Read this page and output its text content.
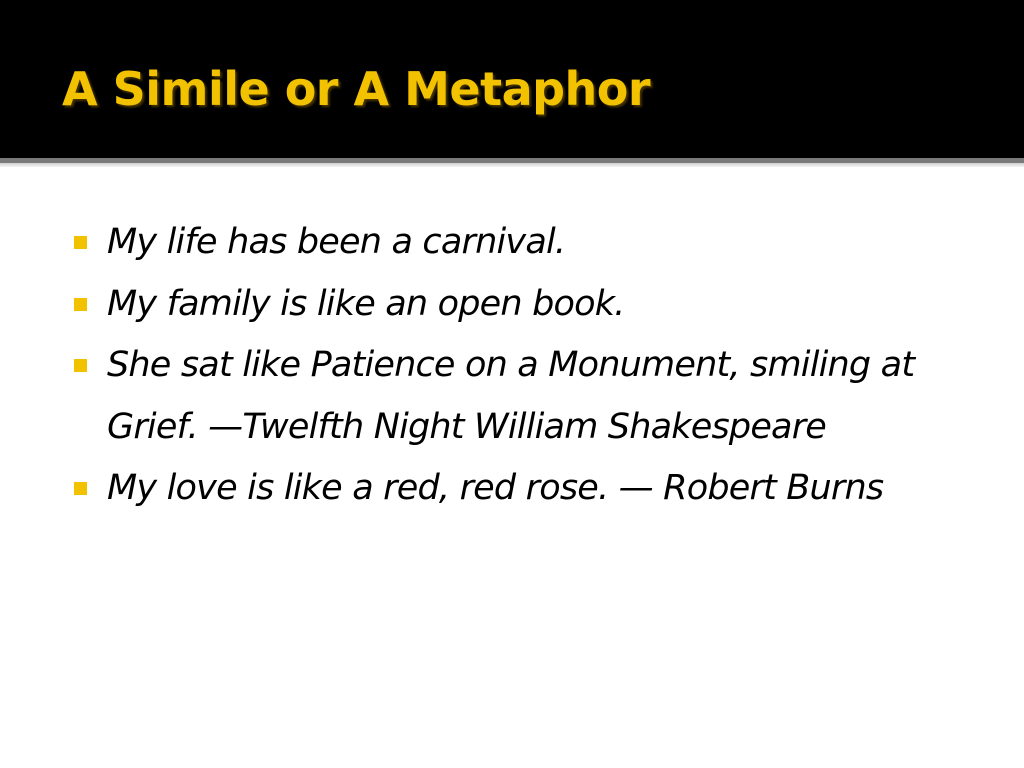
A Simile or A Metaphor
My life has been a carnival.
My family is like an open book.
She sat like Patience on a Monument, smiling at Grief. —Twelfth Night William Shakespeare
My love is like a red, red rose. — Robert Burns
